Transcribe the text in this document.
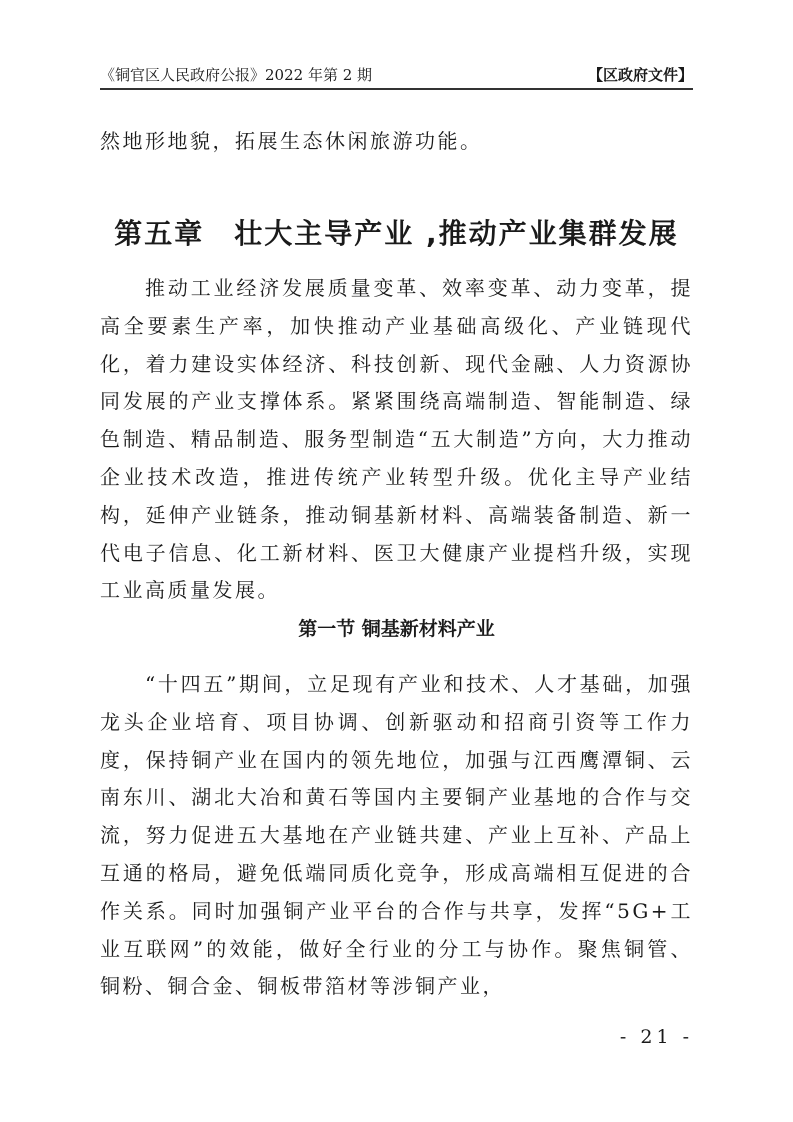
《铜官区人民政府公报》2022 年第 2 期	【区政府文件】

然地形地貌，拓展生态休闲旅游功能。

第五章　壮大主导产业 ,推动产业集群发展

推动工业经济发展质量变革、效率变革、动力变革，提高全要素生产率，加快推动产业基础高级化、产业链现代化，着力建设实体经济、科技创新、现代金融、人力资源协同发展的产业支撑体系。紧紧围绕高端制造、智能制造、绿色制造、精品制造、服务型制造“五大制造”方向，大力推动企业技术改造，推进传统产业转型升级。优化主导产业结构，延伸产业链条，推动铜基新材料、高端装备制造、新一代电子信息、化工新材料、医卫大健康产业提档升级，实现工业高质量发展。

第一节 铜基新材料产业

“十四五”期间，立足现有产业和技术、人才基础，加强龙头企业培育、项目协调、创新驱动和招商引资等工作力度，保持铜产业在国内的领先地位，加强与江西鹰潭铜、云南东川、湖北大冶和黄石等国内主要铜产业基地的合作与交流，努力促进五大基地在产业链共建、产业上互补、产品上互通的格局，避免低端同质化竞争，形成高端相互促进的合作关系。同时加强铜产业平台的合作与共享，发挥“5G+工业互联网”的效能，做好全行业的分工与协作。聚焦铜管、铜粉、铜合金、铜板带箔材等涉铜产业，

- 21 -
